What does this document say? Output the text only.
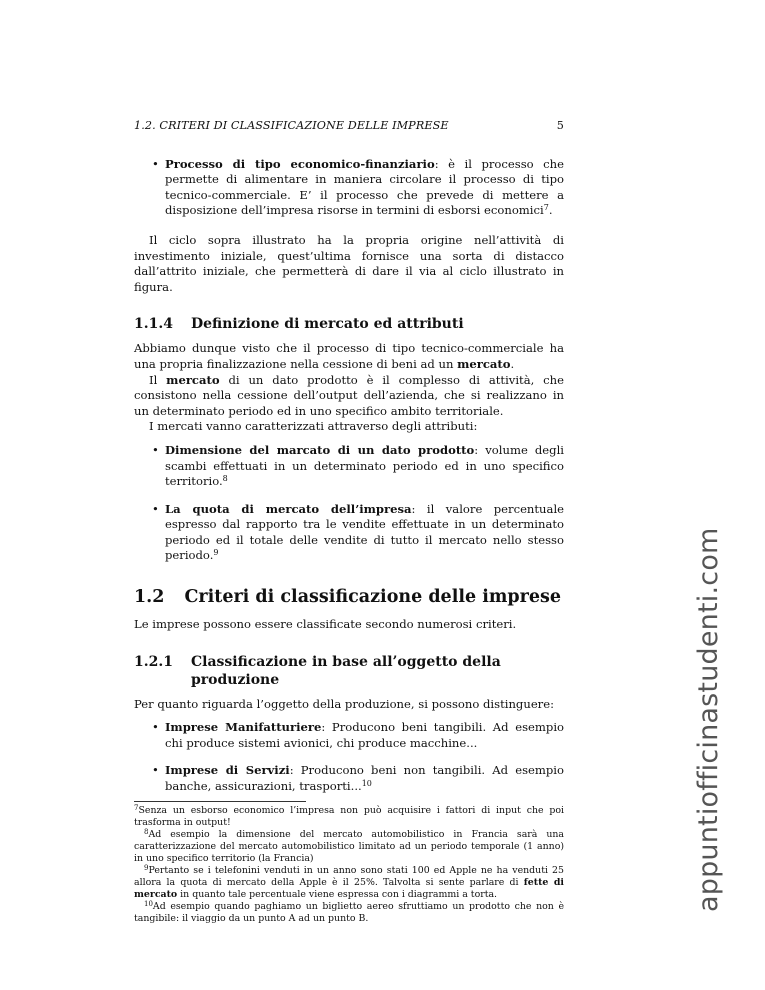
1.2. CRITERI DI CLASSIFICAZIONE DELLE IMPRESE	5
• Processo di tipo economico-finanziario: è il processo che permette di alimentare in maniera circolare il processo di tipo tecnico-commerciale. E’ il processo che prevede di mettere a disposizione dell’impresa risorse in termini di esborsi economici$^7$.

Il ciclo sopra illustrato ha la propria origine nell’attività di investimento iniziale, quest’ultima fornisce una sorta di distacco dall’attrito iniziale, che permetterà di dare il via al ciclo illustrato in figura.

1.1.4 Definizione di mercato ed attributi

Abbiamo dunque visto che il processo di tipo tecnico-commerciale ha una propria finalizzazione nella cessione di beni ad un mercato.

Il mercato di un dato prodotto è il complesso di attività, che consistono nella cessione dell’output dell’azienda, che si realizzano in un determinato periodo ed in uno specifico ambito territoriale.

I mercati vanno caratterizzati attraverso degli attributi:

• Dimensione del marcato di un dato prodotto: volume degli scambi effettuati in un determinato periodo ed in uno specifico territorio.$^8$
• La quota di mercato dell’impresa: il valore percentuale espresso dal rapporto tra le vendite effettuate in un determinato periodo ed il totale delle vendite di tutto il mercato nello stesso periodo.$^9$
1.2 Criteri di classificazione delle imprese

Le imprese possono essere classificate secondo numerosi criteri.

1.2.1 Classificazione in base all’oggetto della produzione

Per quanto riguarda l’oggetto della produzione, si possono distinguere:

• Imprese Manifatturiere: Producono beni tangibili. Ad esempio chi produce sistemi avionici, chi produce macchine...
• Imprese di Servizi: Producono beni non tangibili. Ad esempio banche, assicurazioni, trasporti...$^{10}$

$^7$Senza un esborso economico l’impresa non può acquisire i fattori di input che poi trasforma in output!

$^8$Ad esempio la dimensione del mercato automobilistico in Francia sarà una caratterizzazione del mercato automobilistico limitato ad un periodo temporale (1 anno) in uno specifico territorio (la Francia)

$^9$Pertanto se i telefonini venduti in un anno sono stati 100 ed Apple ne ha venduti 25 allora la quota di mercato della Apple è il 25%. Talvolta si sente parlare di fette di mercato in quanto tale percentuale viene espressa con i diagrammi a torta.

$^{10}$Ad esempio quando paghiamo un biglietto aereo sfruttiamo un prodotto che non è tangibile: il viaggio da un punto A ad un punto B.

appuntiofficinastudenti.com
